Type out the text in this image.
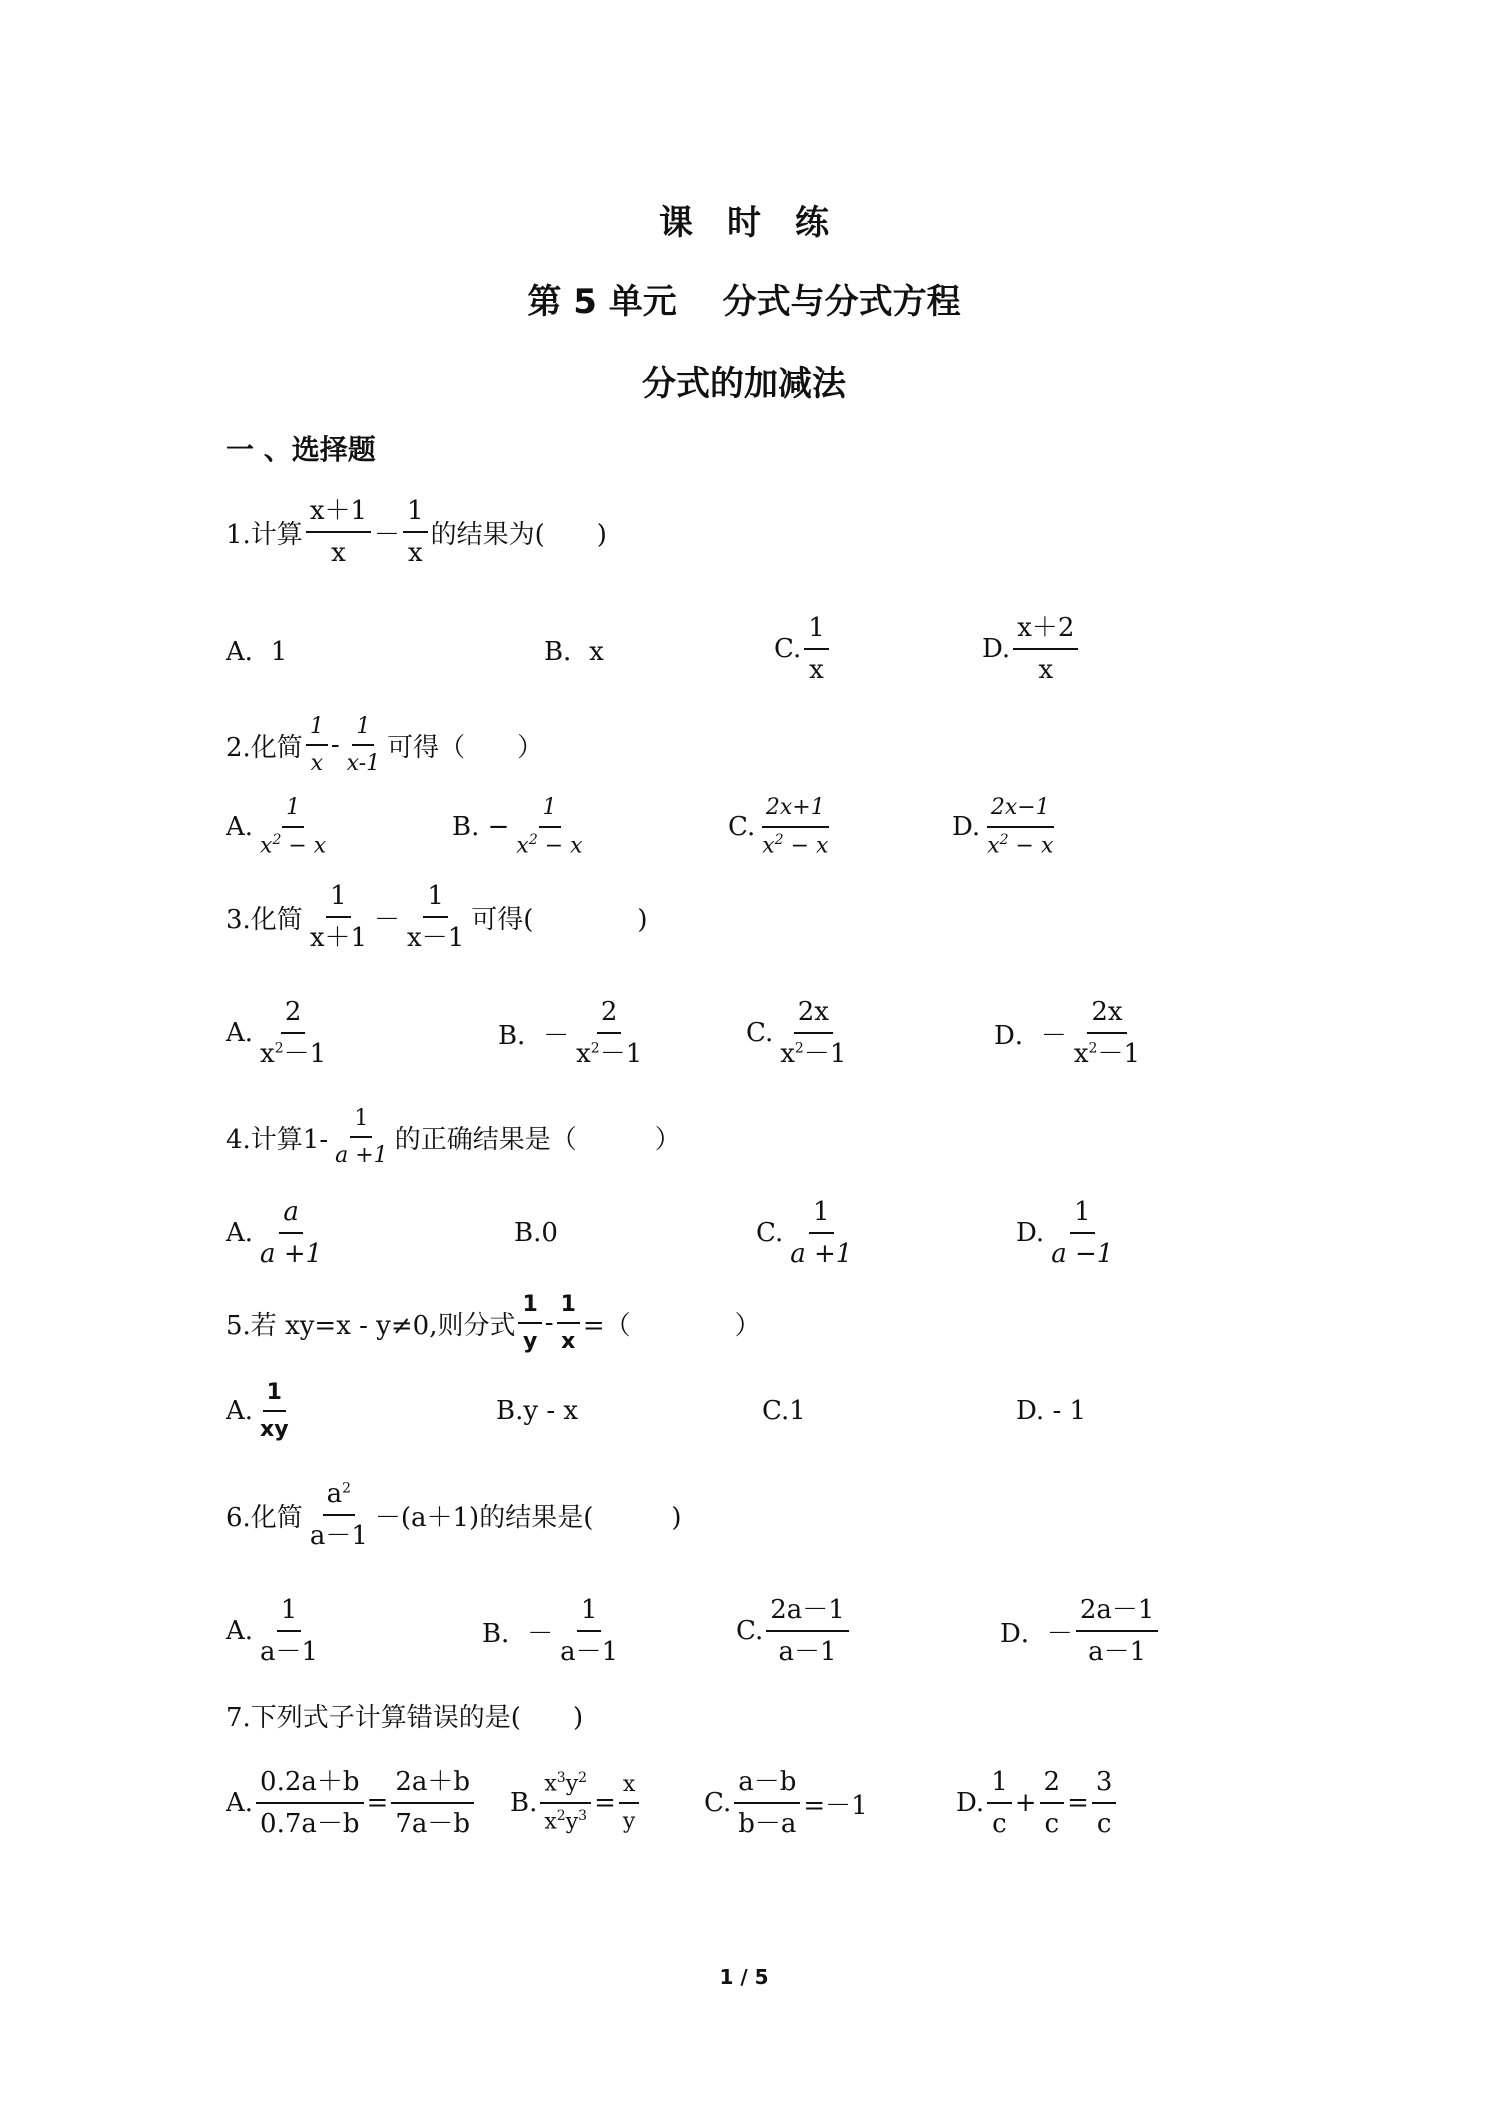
课时练
第 5 单元　 分式与分式方程
分式的加减法
一 、选择题
1.计算 $\frac{x+1}{x} - \frac{1}{x}$ 的结果为(　　)
A．1	B．x	C. $\frac{1}{x}$	D. $\frac{x+2}{x}$
2.化简 $\frac{1}{x} - \frac{1}{x-1}$ 可得（　　）
A. $\frac{1}{x^2 - x}$	B. − $\frac{1}{x^2 - x}$	C. $\frac{2x+1}{x^2 - x}$	D. $\frac{2x-1}{x^2 - x}$
3.化简 $\frac{1}{x+1} - \frac{1}{x-1}$ 可得(　　　　)
A. $\frac{2}{x^2-1}$	B．－ $\frac{2}{x^2-1}$	C. $\frac{2x}{x^2-1}$	D．－ $\frac{2x}{x^2-1}$
4.计算$1- \frac{1}{a +1}$ 的正确结果是（　　　）
A. $\frac{a}{a +1}$	B.0	C. $\frac{1}{a +1}$	D. $\frac{1}{a -1}$
5.若 xy=x - y≠0,则分式 $\frac{1}{y} - \frac{1}{x}$ =（　　　　）
A. $\frac{1}{xy}$	B.y - x	C.1	D. - 1
6.化简 $\frac{a^2}{a-1} -(a+1)$的结果是(　　　)
A. $\frac{1}{a-1}$	B．－ $\frac{1}{a-1}$	C. $\frac{2a-1}{a-1}$	D．－ $\frac{2a-1}{a-1}$
7.下列式子计算错误的是(　　)
A. $\frac{0.2a+b}{0.7a-b} = \frac{2a+b}{7a-b} B$. $\frac{x^3y^2}{x^2y^3} = \frac{x}{y} C$. $\frac{a-b}{b-a} =-1$	D. $\frac{1}{c} + \frac{2}{c} = \frac{3}{c}$
1 / 5
